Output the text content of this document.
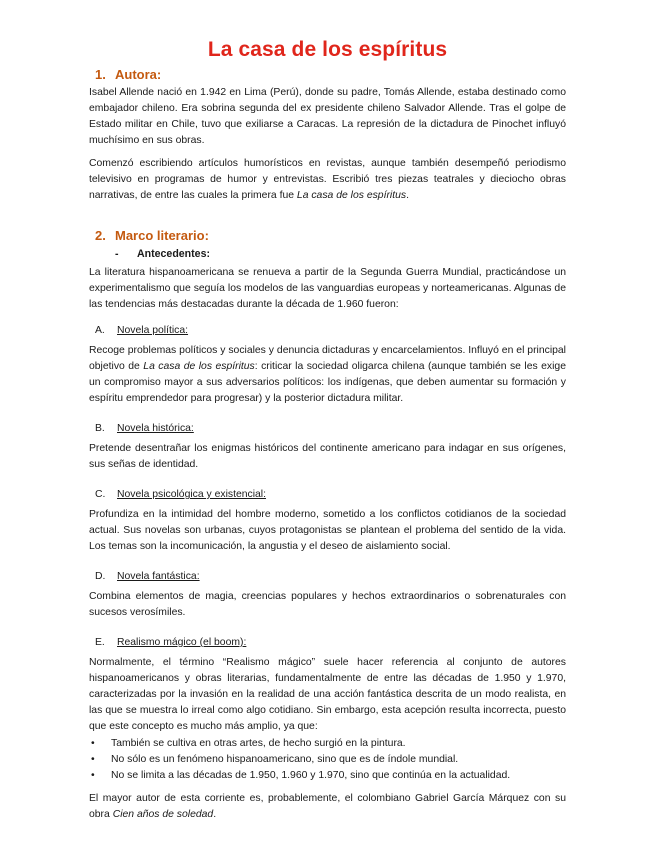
La casa de los espíritus
1. Autora:

Isabel Allende nació en 1.942 en Lima (Perú), donde su padre, Tomás Allende, estaba destinado como embajador chileno. Era sobrina segunda del ex presidente chileno Salvador Allende. Tras el golpe de Estado militar en Chile, tuvo que exiliarse a Caracas. La represión de la dictadura de Pinochet influyó muchísimo en sus obras.

Comenzó escribiendo artículos humorísticos en revistas, aunque también desempeñó periodismo televisivo en programas de humor y entrevistas. Escribió tres piezas teatrales y dieciocho obras narrativas, de entre las cuales la primera fue La casa de los espíritus.

2. Marco literario:
- Antecedentes:

La literatura hispanoamericana se renueva a partir de la Segunda Guerra Mundial, practicándose un experimentalismo que seguía los modelos de las vanguardias europeas y norteamericanas. Algunas de las tendencias más destacadas durante la década de 1.960 fueron:

A. Novela política:

Recoge problemas políticos y sociales y denuncia dictaduras y encarcelamientos. Influyó en el principal objetivo de La casa de los espíritus: criticar la sociedad oligarca chilena (aunque también se les exige un compromiso mayor a sus adversarios políticos: los indígenas, que deben aumentar su formación y espíritu emprendedor para progresar) y la posterior dictadura militar.

B. Novela histórica:

Pretende desentrañar los enigmas históricos del continente americano para indagar en sus orígenes, sus señas de identidad.

C. Novela psicológica y existencial:

Profundiza en la intimidad del hombre moderno, sometido a los conflictos cotidianos de la sociedad actual. Sus novelas son urbanas, cuyos protagonistas se plantean el problema del sentido de la vida. Los temas son la incomunicación, la angustia y el deseo de aislamiento social.

D. Novela fantástica:

Combina elementos de magia, creencias populares y hechos extraordinarios o sobrenaturales con sucesos verosímiles.

E. Realismo mágico (el boom):

Normalmente, el término “Realismo mágico” suele hacer referencia al conjunto de autores hispanoamericanos y obras literarias, fundamentalmente de entre las décadas de 1.950 y 1.970, caracterizadas por la invasión en la realidad de una acción fantástica descrita de un modo realista, en las que se muestra lo irreal como algo cotidiano. Sin embargo, esta acepción resulta incorrecta, puesto que este concepto es mucho más amplio, ya que:

• También se cultiva en otras artes, de hecho surgió en la pintura.
• No sólo es un fenómeno hispanoamericano, sino que es de índole mundial.
• No se limita a las décadas de 1.950, 1.960 y 1.970, sino que continúa en la actualidad.

El mayor autor de esta corriente es, probablemente, el colombiano Gabriel García Márquez con su obra Cien años de soledad.
